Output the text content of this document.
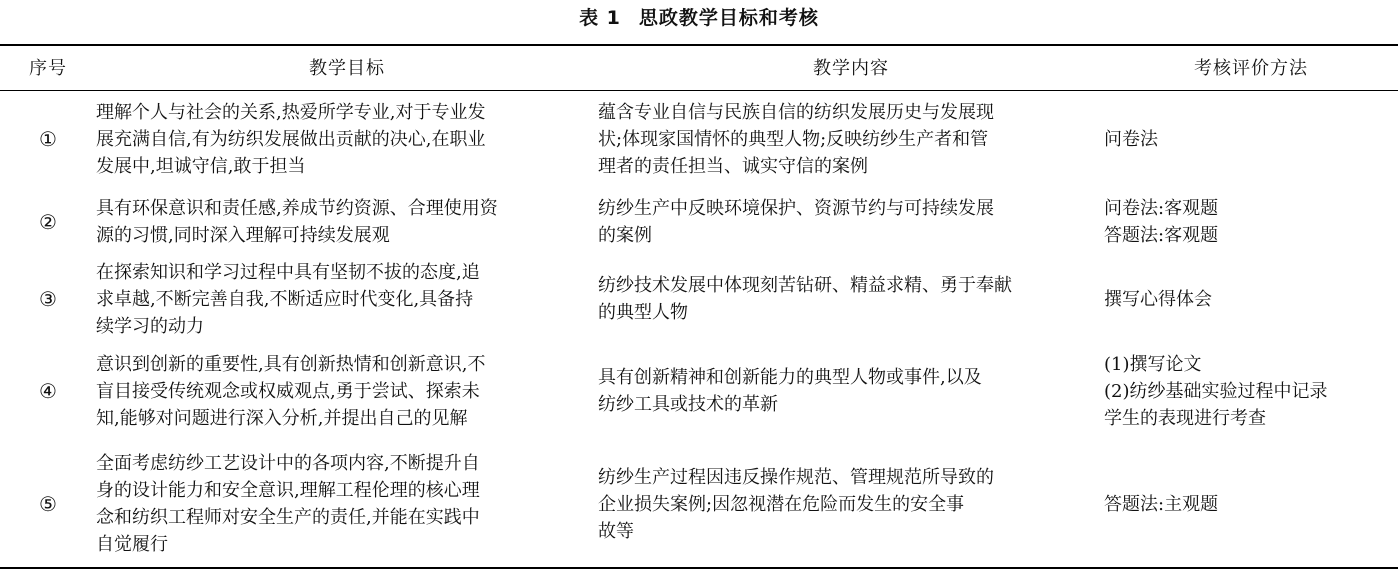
表 1 思政教学目标和考核
序号	教学目标	教学内容	考核评价方法
①	理解个人与社会的关系,热爱所学专业,对于专业发
展充满自信,有为纺织发展做出贡献的决心,在职业
发展中,坦诚守信,敢于担当	蕴含专业自信与民族自信的纺织发展历史与发展现
状;体现家国情怀的典型人物;反映纺纱生产者和管
理者的责任担当、诚实守信的案例	问卷法

②	具有环保意识和责任感,养成节约资源、合理使用资
源的习惯,同时深入理解可持续发展观	纺纱生产中反映环境保护、资源节约与可持续发展
的案例	问卷法:客观题
答题法:客观题

③	在探索知识和学习过程中具有坚韧不拔的态度,追
求卓越,不断完善自我,不断适应时代变化,具备持
续学习的动力	纺纱技术发展中体现刻苦钻研、精益求精、勇于奉献
的典型人物	撰写心得体会

④	意识到创新的重要性,具有创新热情和创新意识,不
盲目接受传统观念或权威观点,勇于尝试、探索未
知,能够对问题进行深入分析,并提出自己的见解	具有创新精神和创新能力的典型人物或事件,以及
纺纱工具或技术的革新	(1)撰写论文
(2)纺纱基础实验过程中记录
学生的表现进行考查

⑤	全面考虑纺纱工艺设计中的各项内容,不断提升自
身的设计能力和安全意识,理解工程伦理的核心理
念和纺织工程师对安全生产的责任,并能在实践中
自觉履行	纺纱生产过程因违反操作规范、管理规范所导致的
企业损失案例;因忽视潜在危险而发生的安全事
故等	答题法:主观题
